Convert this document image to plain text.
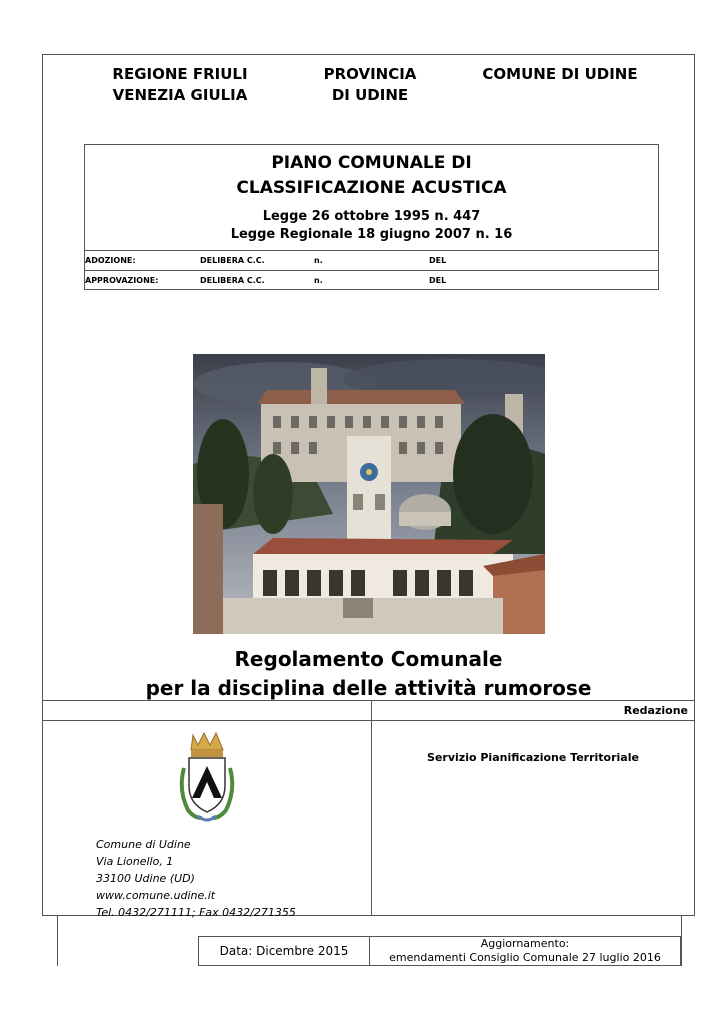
REGIONE FRIULI
VENEZIA GIULIA
PROVINCIA
DI UDINE
COMUNE DI UDINE
PIANO COMUNALE DI
CLASSIFICAZIONE ACUSTICA
Legge 26 ottobre 1995 n. 447
Legge Regionale 18 giugno 2007 n. 16
ADOZIONE:	DELIBERA C.C.	n.	DEL
APPROVAZIONE:	DELIBERA C.C.	n.	DEL
Regolamento Comunale
per la disciplina delle attività rumorose
Redazione
Servizio Pianificazione Territoriale
Comune di Udine
Via Lionello, 1
33100 Udine (UD)
www.comune.udine.it
Tel. 0432/271111; Fax 0432/271355
Data: Dicembre 2015
Aggiornamento:
emendamenti Consiglio Comunale 27 luglio 2016
